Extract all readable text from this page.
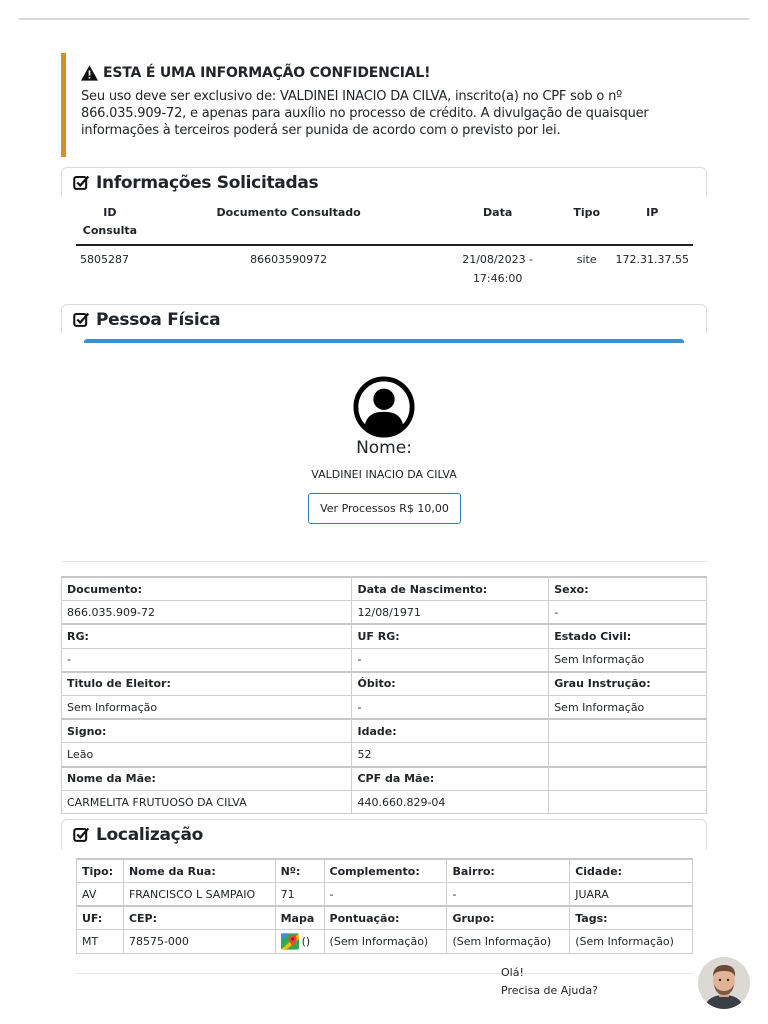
ESTA É UMA INFORMAÇÃO CONFIDENCIAL!
Seu uso deve ser exclusivo de: VALDINEI INACIO DA CILVA, inscrito(a) no CPF sob o nº 866.035.909-72, e apenas para auxílio no processo de crédito. A divulgação de quaisquer informações à terceiros poderá ser punida de acordo com o previsto por lei.
Informações Solicitadas
ID Consulta	Documento Consultado	Data	Tipo	IP
5805287	86603590972	21/08/2023 - 17:46:00	site	172.31.37.55
Pessoa Física
Nome:
VALDINEI INACIO DA CILVA
Ver Processos R$ 10,00
Documento:	Data de Nascimento:	Sexo:
866.035.909-72	12/08/1971	-
RG:	UF RG:	Estado Civil:
-	-	Sem Informação
Titulo de Eleitor:	Óbito:	Grau Instrução:
Sem Informação	-	Sem Informação
Signo:	Idade:	
Leão	52	
Nome da Mãe:	CPF da Mãe:	
CARMELITA FRUTUOSO DA CILVA	440.660.829-04	
Localização
Tipo:	Nome da Rua:	Nº:	Complemento:	Bairro:	Cidade:
AV	FRANCISCO L SAMPAIO	71	-	-	JUARA
UF:	CEP:	Mapa	Pontuação:	Grupo:	Tags:
MT	78575-000	()	(Sem Informação)	(Sem Informação)	(Sem Informação)
Olá!
Precisa de Ajuda?
